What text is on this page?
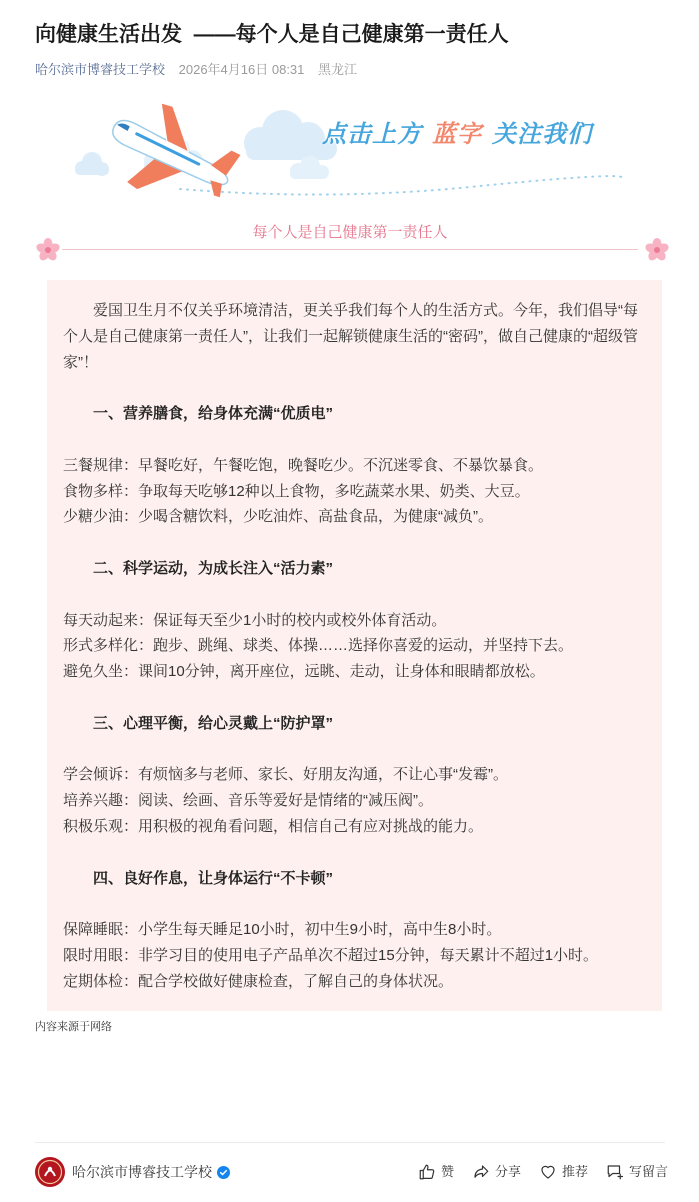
向健康生活出发  ——每个人是自己健康第一责任人
哈尔滨市博睿技工学校 2026年4月16日 08:31 黑龙江
点击上方 蓝字 关注我们
每个人是自己健康第一责任人

爱国卫生月不仅关乎环境清洁，更关乎我们每个人的生活方式。今年，我们倡导“每个人是自己健康第一责任人”，让我们一起解锁健康生活的“密码”，做自己健康的“超级管家”！

一、营养膳食，给身体充满“优质电”

三餐规律：早餐吃好，午餐吃饱，晚餐吃少。不沉迷零食、不暴饮暴食。

食物多样：争取每天吃够12种以上食物，多吃蔬菜水果、奶类、大豆。

少糖少油：少喝含糖饮料，少吃油炸、高盐食品，为健康“减负”。

二、科学运动，为成长注入“活力素”

每天动起来：保证每天至少1小时的校内或校外体育活动。

形式多样化：跑步、跳绳、球类、体操……选择你喜爱的运动，并坚持下去。

避免久坐：课间10分钟，离开座位，远眺、走动，让身体和眼睛都放松。

三、心理平衡，给心灵戴上“防护罩”

学会倾诉：有烦恼多与老师、家长、好朋友沟通，不让心事“发霉”。

培养兴趣：阅读、绘画、音乐等爱好是情绪的“减压阀”。

积极乐观：用积极的视角看问题，相信自己有应对挑战的能力。

四、良好作息，让身体运行“不卡顿”

保障睡眠：小学生每天睡足10小时，初中生9小时，高中生8小时。

限时用眼：非学习目的使用电子产品单次不超过15分钟，每天累计不超过1小时。

定期体检：配合学校做好健康检查，了解自己的身体状况。

内容来源于网络

哈尔滨市博睿技工学校	赞	分享	推荐	写留言
